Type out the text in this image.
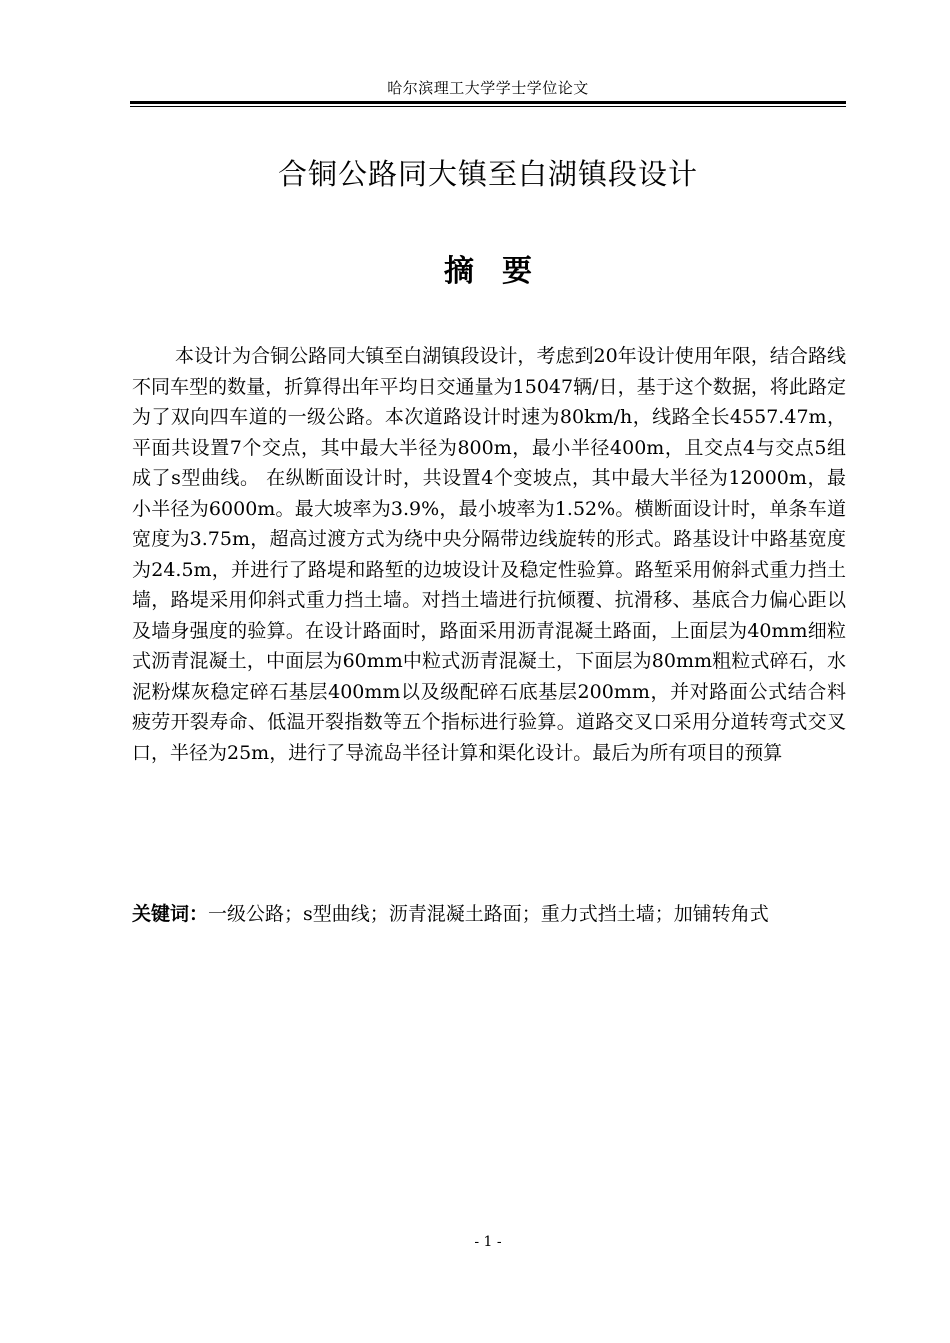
哈尔滨理工大学学士学位论文
合铜公路同大镇至白湖镇段设计
摘要

本设计为合铜公路同大镇至白湖镇段设计，考虑到20年设计使用年限，结合路线不同车型的数量，折算得出年平均日交通量为15047辆/日，基于这个数据，将此路定为了双向四车道的一级公路。本次道路设计时速为80km/h，线路全长4557.47m，平面共设置7个交点，其中最大半径为800m，最小半径400m，且交点4与交点5组成了s型曲线。 在纵断面设计时，共设置4个变坡点，其中最大半径为12000m，最小半径为6000m。最大坡率为3.9%，最小坡率为1.52%。横断面设计时，单条车道宽度为3.75m，超高过渡方式为绕中央分隔带边线旋转的形式。路基设计中路基宽度为24.5m，并进行了路堤和路堑的边坡设计及稳定性验算。路堑采用俯斜式重力挡土墙，路堤采用仰斜式重力挡土墙。对挡土墙进行抗倾覆、抗滑移、基底合力偏心距以及墙身强度的验算。在设计路面时，路面采用沥青混凝土路面，上面层为40mm细粒式沥青混凝土，中面层为60mm中粒式沥青混凝土，下面层为80mm粗粒式碎石，水泥粉煤灰稳定碎石基层400mm以及级配碎石底基层200mm，并对路面公式结合料疲劳开裂寿命、低温开裂指数等五个指标进行验算。道路交叉口采用分道转弯式交叉口，半径为25m，进行了导流岛半径计算和渠化设计。最后为所有项目的预算

关键词：一级公路；s型曲线；沥青混凝土路面；重力式挡土墙；加铺转角式

- 1 -
